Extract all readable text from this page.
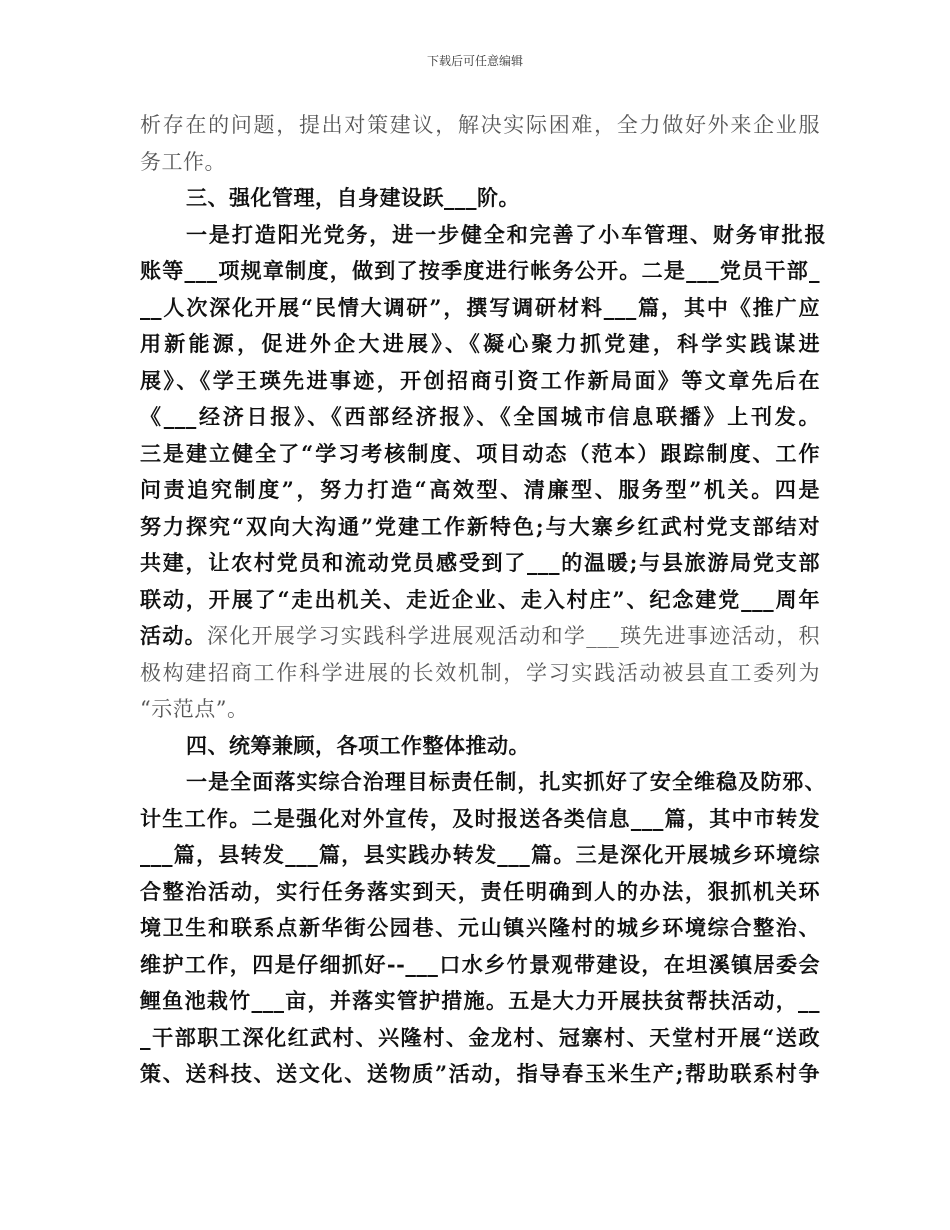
下载后可任意编辑
析存在的问题，提出对策建议，解决实际困难，全力做好外来企业服
务工作。
三、强化管理，自身建设跃___阶。
一是打造阳光党务，进一步健全和完善了小车管理、财务审批报
账等___项规章制度，做到了按季度进行帐务公开。二是___党员干部_
__人次深化开展“民情大调研”，撰写调研材料___篇，其中《推广应
用新能源，促进外企大进展》、《凝心聚力抓党建，科学实践谋进
展》、《学王瑛先进事迹，开创招商引资工作新局面》等文章先后在
《___经济日报》、《西部经济报》、《全国城市信息联播》上刊发。
三是建立健全了“学习考核制度、项目动态（范本）跟踪制度、工作
问责追究制度”，努力打造“高效型、清廉型、服务型”机关。四是
努力探究“双向大沟通”党建工作新特色;与大寨乡红武村党支部结对
共建，让农村党员和流动党员感受到了___的温暖;与县旅游局党支部
联动，开展了“走出机关、走近企业、走入村庄”、纪念建党___周年
活动。深化开展学习实践科学进展观活动和学___瑛先进事迹活动，积
极构建招商工作科学进展的长效机制，学习实践活动被县直工委列为
“示范点”。
四、统筹兼顾，各项工作整体推动。
一是全面落实综合治理目标责任制，扎实抓好了安全维稳及防邪、
计生工作。二是强化对外宣传，及时报送各类信息___篇，其中市转发
___篇，县转发___篇，县实践办转发___篇。三是深化开展城乡环境综
合整治活动，实行任务落实到天，责任明确到人的办法，狠抓机关环
境卫生和联系点新华街公园巷、元山镇兴隆村的城乡环境综合整治、
维护工作，四是仔细抓好--___口水乡竹景观带建设，在坦溪镇居委会
鲤鱼池栽竹___亩，并落实管护措施。五是大力开展扶贫帮扶活动，__
_干部职工深化红武村、兴隆村、金龙村、冠寨村、天堂村开展“送政
策、送科技、送文化、送物质”活动，指导春玉米生产;帮助联系村争
